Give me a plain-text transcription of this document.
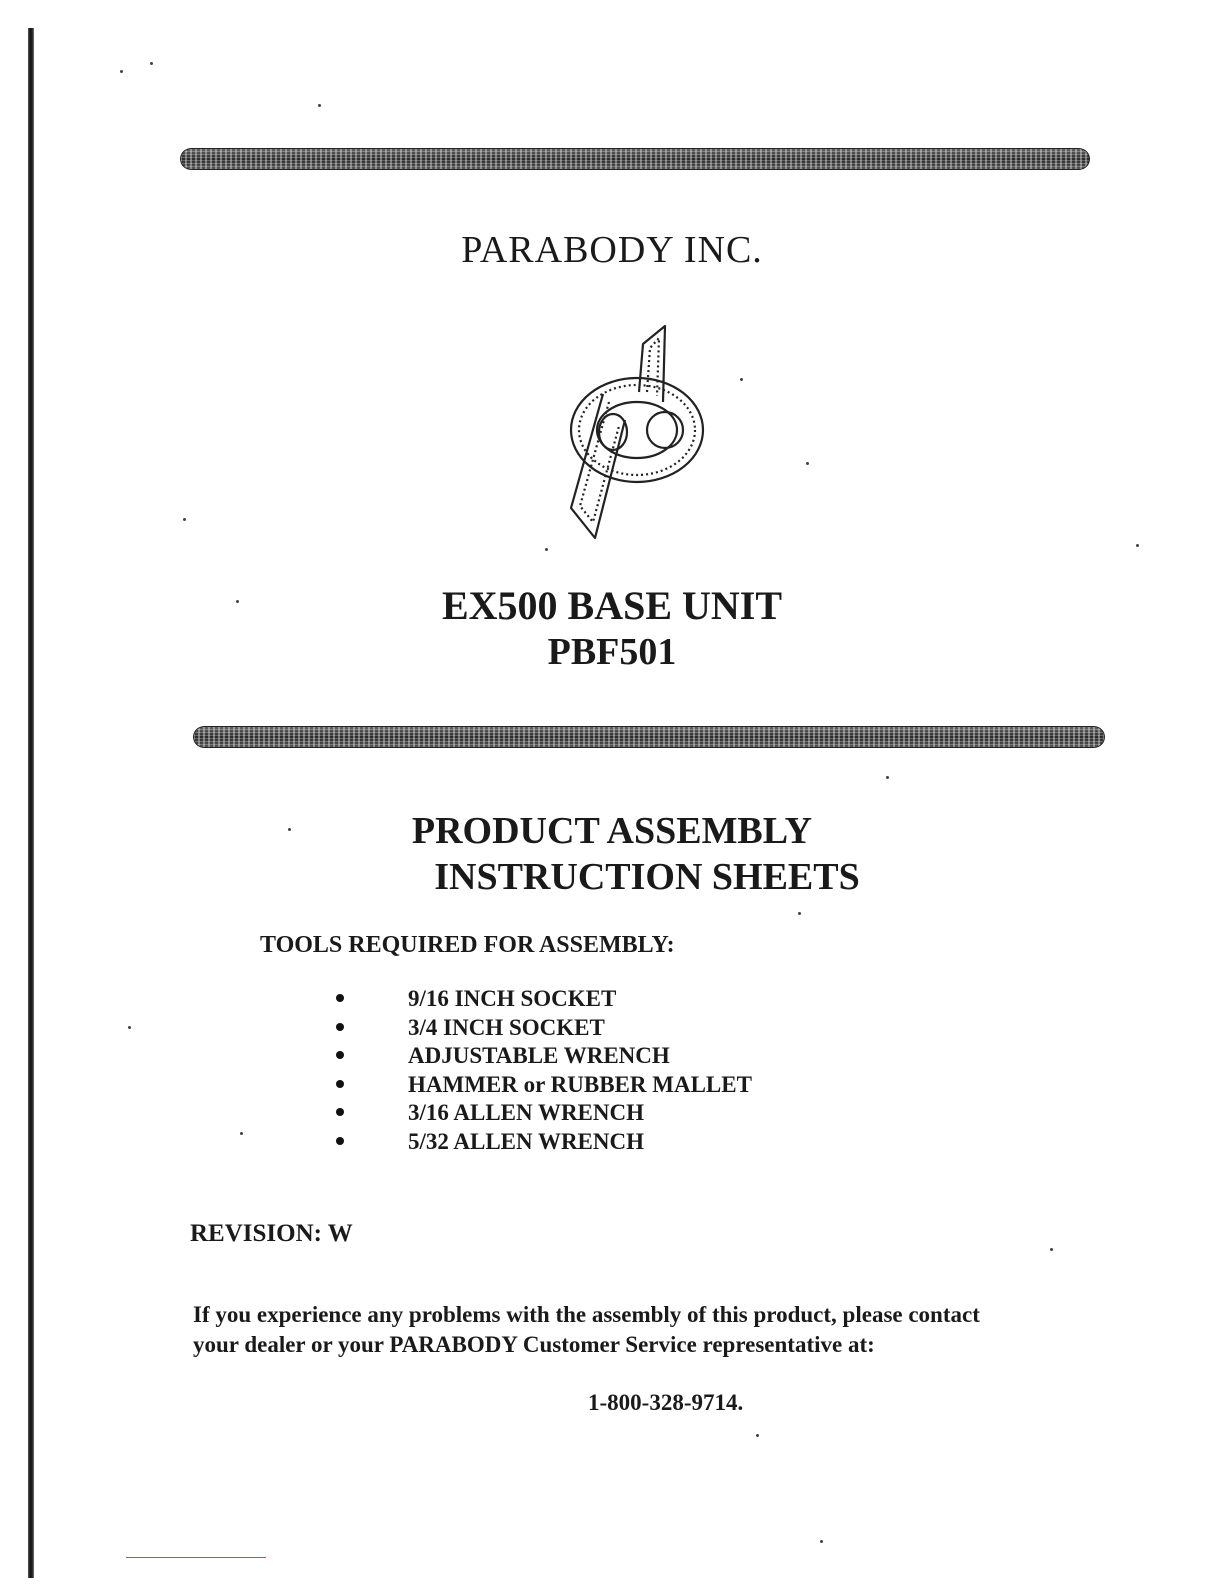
PARABODY INC.
EX500 BASE UNIT
PBF501
PRODUCT ASSEMBLY
INSTRUCTION SHEETS
TOOLS REQUIRED FOR ASSEMBLY:
9/16 INCH SOCKET
3/4 INCH SOCKET
ADJUSTABLE WRENCH
HAMMER or RUBBER MALLET
3/16 ALLEN WRENCH
5/32 ALLEN WRENCH
REVISION: W
If you experience any problems with the assembly of this product, please contact
your dealer or your PARABODY Customer Service representative at:
1-800-328-9714.
